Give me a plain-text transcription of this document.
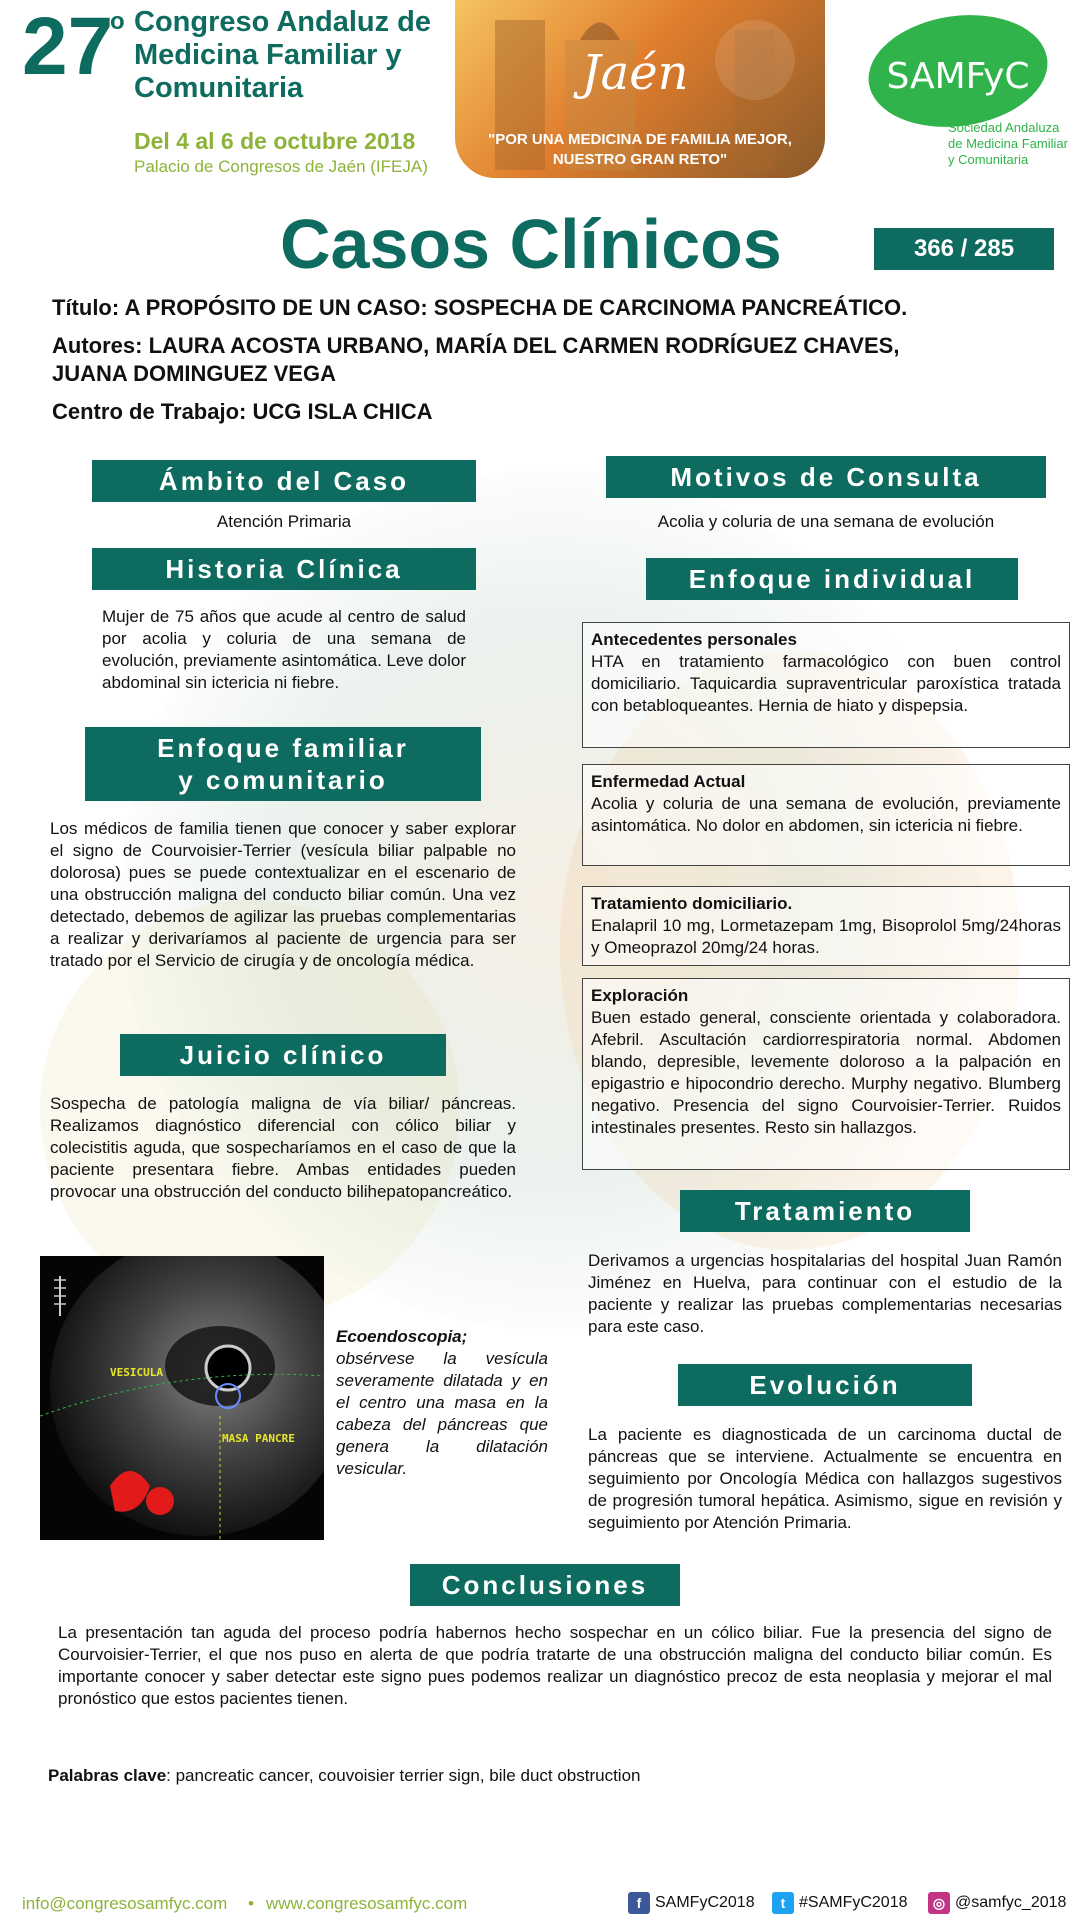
27
o Congreso Andaluz de
Medicina Familiar y
Comunitaria
Del 4 al 6 de octubre 2018
Palacio de Congresos de Jaén (IFEJA)
Jaén
"POR UNA MEDICINA DE FAMILIA MEJOR,
NUESTRO GRAN RETO"
SAMFyC
Sociedad Andaluza
de Medicina Familiar
y Comunitaria
Casos Clínicos	366 / 285
Título: A PROPÓSITO DE UN CASO: SOSPECHA DE CARCINOMA PANCREÁTICO.
Autores: LAURA ACOSTA URBANO, MARÍA DEL CARMEN RODRÍGUEZ CHAVES,
JUANA DOMINGUEZ VEGA
Centro de Trabajo: UCG ISLA CHICA
Ámbito del Caso
Atención Primaria
Historia Clínica
Mujer de 75 años que acude al centro de salud por acolia y coluria de una semana de evolución, previamente asintomática. Leve dolor abdominal sin ictericia ni fiebre.
Enfoque familiar
y comunitario
Los médicos de familia tienen que conocer y saber explorar el signo de Courvoisier-Terrier (vesícula biliar palpable no dolorosa) pues se puede contextualizar en el escenario de una obstrucción maligna del conducto biliar común. Una vez detectado, debemos de agilizar las pruebas complementarias a realizar y derivaríamos al paciente de urgencia para ser tratado por el Servicio de cirugía y de oncología médica.
Juicio clínico
Sospecha de patología maligna de vía biliar/ páncreas. Realizamos diagnóstico diferencial con cólico biliar y colecistitis aguda, que sospecharíamos en el caso de que la paciente presentara fiebre. Ambas entidades pueden provocar una obstrucción del conducto bilihepatopancreático.
VESICULA
MASA PANCRE
Ecoendoscopia; obsérvese la vesícula severamente dilatada y en el centro una masa en la cabeza del páncreas que genera la dilatación vesicular.
Motivos de Consulta
Acolia y coluria de una semana de evolución
Enfoque individual
Antecedentes personales
HTA en tratamiento farmacológico con buen control domiciliario. Taquicardia supraventricular paroxística tratada con betabloqueantes. Hernia de hiato y dispepsia.
Enfermedad Actual
Acolia y coluria de una semana de evolución, previamente asintomática. No dolor en abdomen, sin ictericia ni fiebre.
Tratamiento domiciliario.
Enalapril 10 mg, Lormetazepam 1mg, Bisoprolol 5mg/24horas y Omeoprazol 20mg/24 horas.
Exploración
Buen estado general, consciente orientada y colaboradora. Afebril. Ascultación cardiorrespiratoria normal. Abdomen blando, depresible, levemente doloroso a la palpación en epigastrio e hipocondrio derecho. Murphy negativo. Blumberg negativo. Presencia del signo Courvoisier-Terrier. Ruidos intestinales presentes. Resto sin hallazgos.
Tratamiento
Derivamos a urgencias hospitalarias del hospital Juan Ramón Jiménez en Huelva, para continuar con el estudio de la paciente y realizar las pruebas complementarias necesarias para este caso.
Evolución
La paciente es diagnosticada de un carcinoma ductal de páncreas que se interviene. Actualmente se encuentra en seguimiento por Oncología Médica con hallazgos sugestivos de progresión tumoral hepática. Asimismo, sigue en revisión y seguimiento por Atención Primaria.
Conclusiones
La presentación tan aguda del proceso podría habernos hecho sospechar en un cólico biliar. Fue la presencia del signo de Courvoisier-Terrier, el que nos puso en alerta de que podría tratarte de una obstrucción maligna del conducto biliar común. Es importante conocer y saber detectar este signo pues podemos realizar un diagnóstico precoz de esta neoplasia y mejorar el mal pronóstico que estos pacientes tienen.
Palabras clave: pancreatic cancer, couvoisier terrier sign, bile duct obstruction
info@congresosamfyc.com • www.congresosamfyc.com	f SAMFyC2018	t #SAMFyC2018	◎ @samfyc_2018
